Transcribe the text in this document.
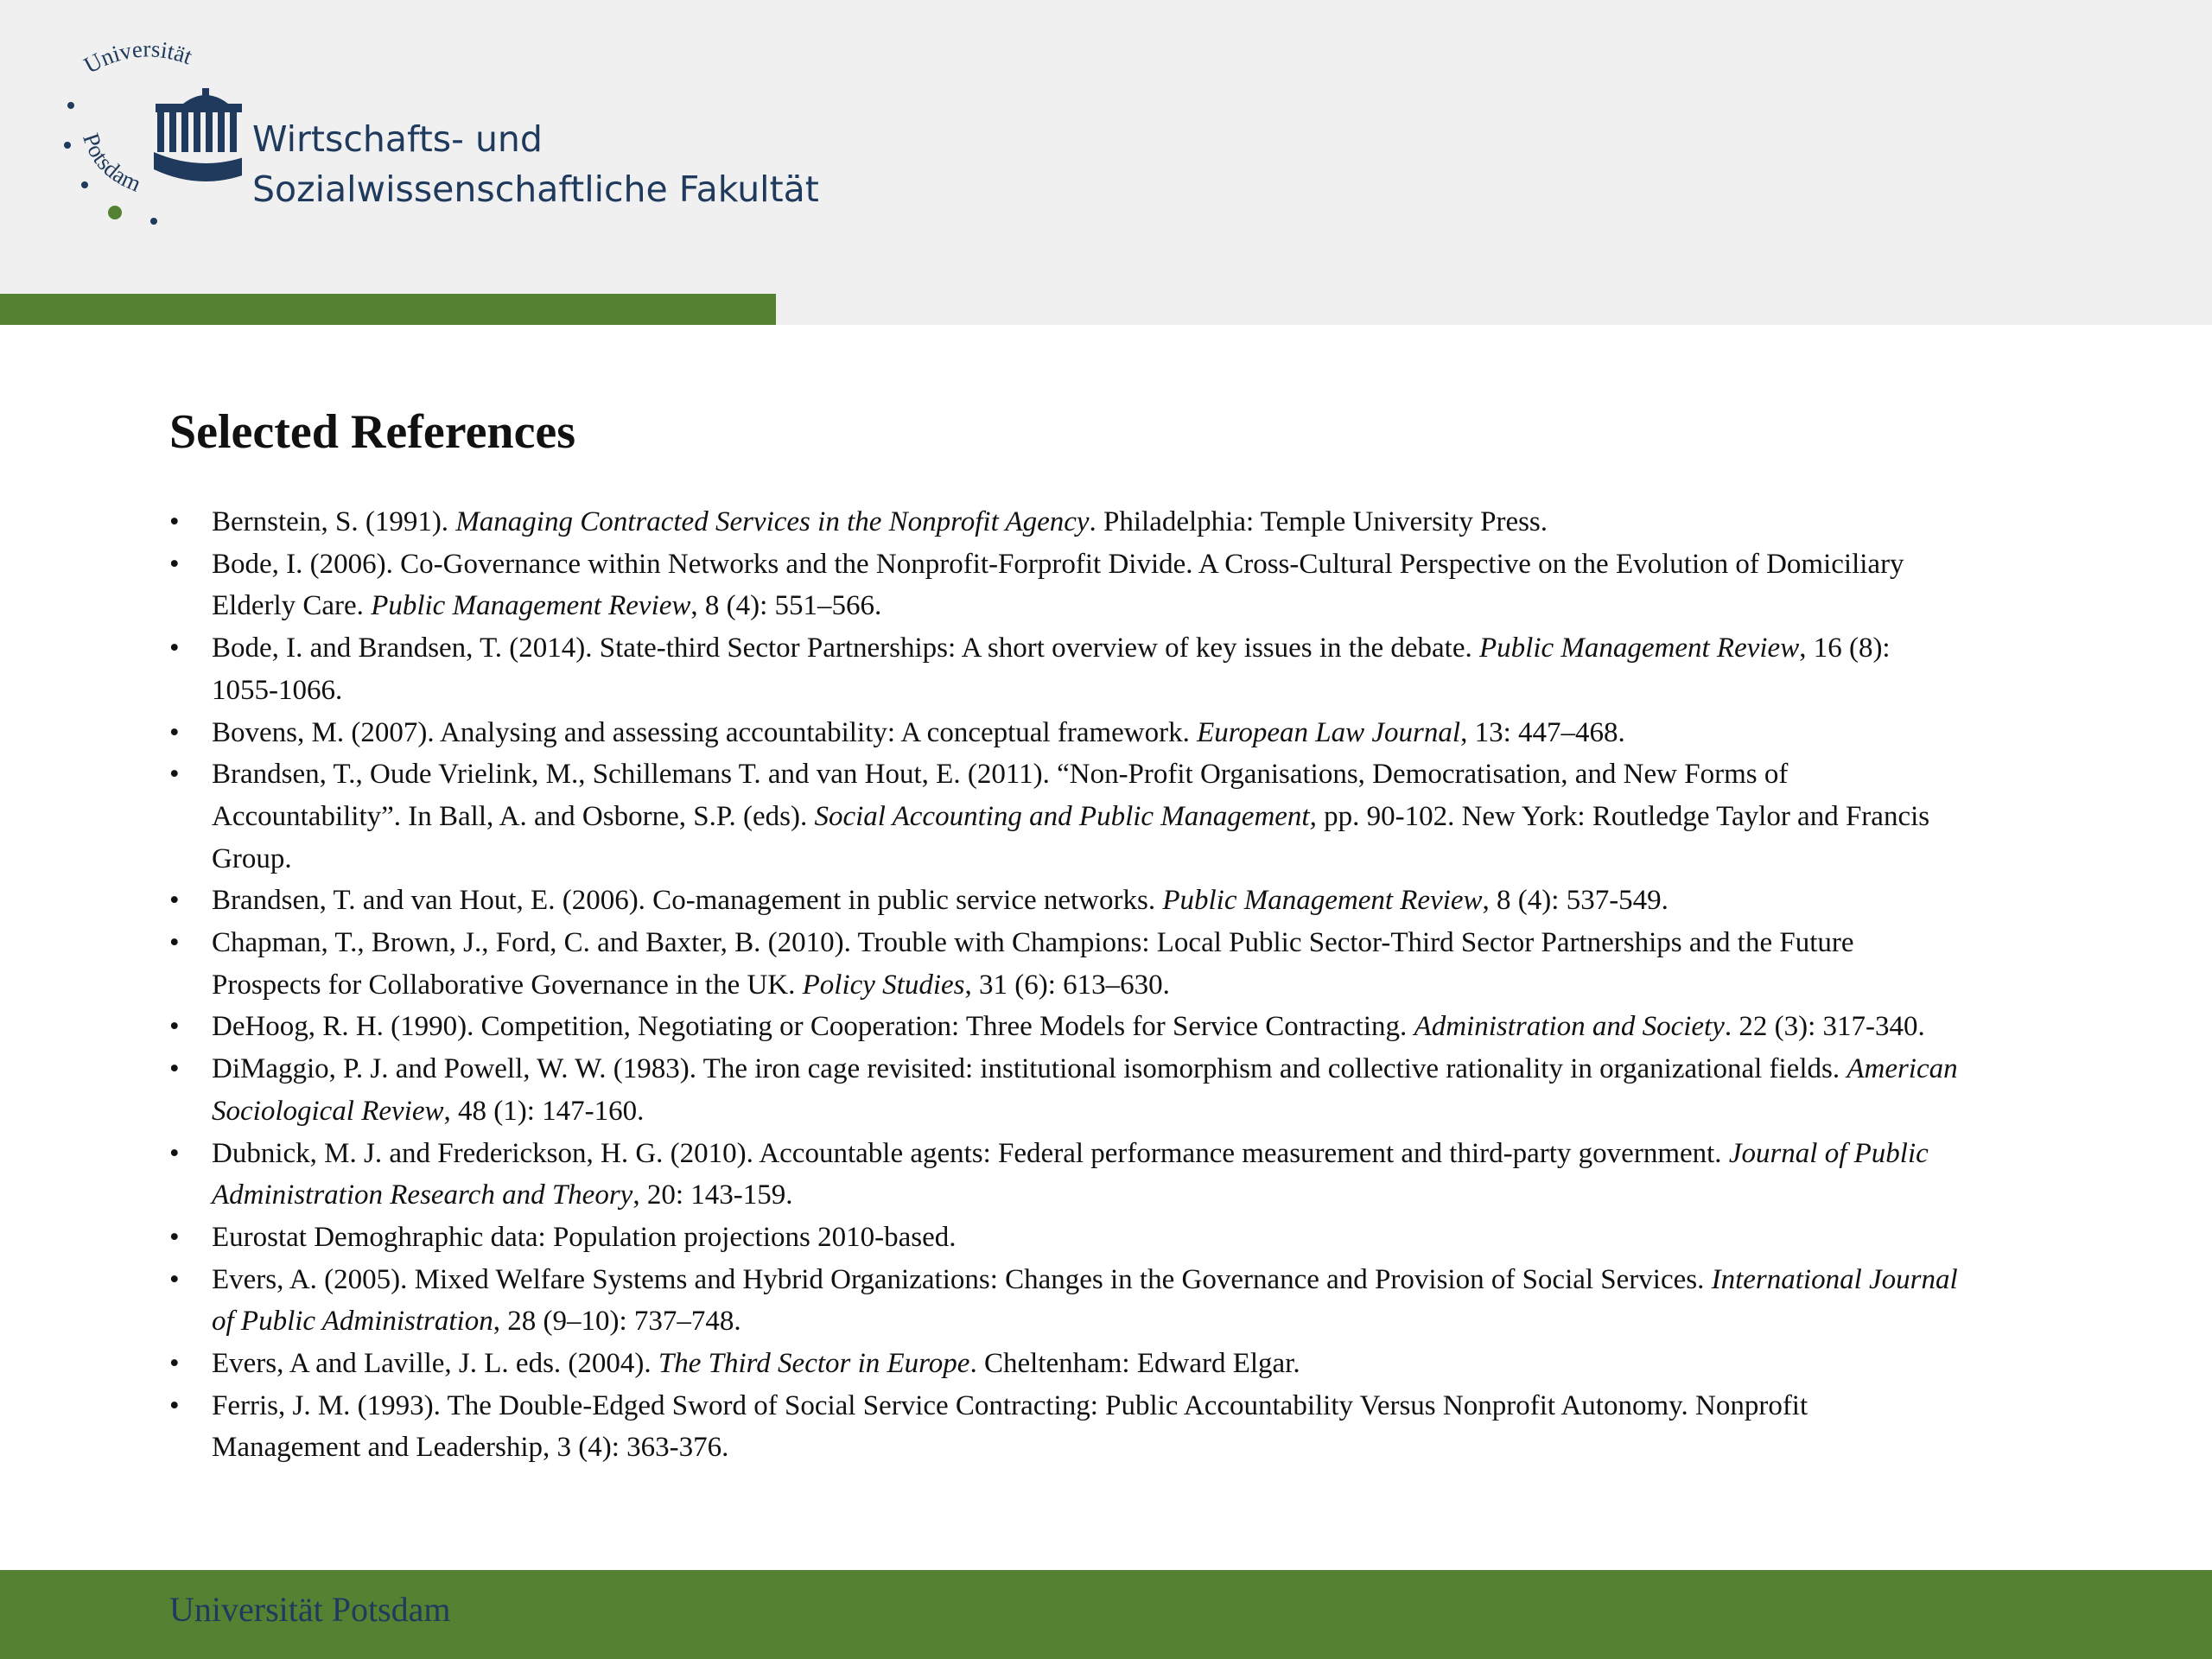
Universität
Potsdam
Wirtschafts- und
Sozialwissenschaftliche Fakultät
Selected References
• Bernstein, S. (1991). Managing Contracted Services in the Nonprofit Agency. Philadelphia: Temple University Press.
• Bode, I. (2006). Co-Governance within Networks and the Nonprofit-Forprofit Divide. A Cross-Cultural Perspective on the Evolution of Domiciliary Elderly Care. Public Management Review, 8 (4): 551–566.
• Bode, I. and Brandsen, T. (2014). State-third Sector Partnerships: A short overview of key issues in the debate. Public Management Review, 16 (8): 1055-1066.
• Bovens, M. (2007). Analysing and assessing accountability: A conceptual framework. European Law Journal, 13: 447–468.
• Brandsen, T., Oude Vrielink, M., Schillemans T. and van Hout, E. (2011). “Non-Profit Organisations, Democratisation, and New Forms of Accountability”. In Ball, A. and Osborne, S.P. (eds). Social Accounting and Public Management, pp. 90-102. New York: Routledge Taylor and Francis Group.
• Brandsen, T. and van Hout, E. (2006). Co-management in public service networks. Public Management Review, 8 (4): 537-549.
• Chapman, T., Brown, J., Ford, C. and Baxter, B. (2010). Trouble with Champions: Local Public Sector-Third Sector Partnerships and the Future Prospects for Collaborative Governance in the UK. Policy Studies, 31 (6): 613–630.
• DeHoog, R. H. (1990). Competition, Negotiating or Cooperation: Three Models for Service Contracting. Administration and Society. 22 (3): 317-340.
• DiMaggio, P. J. and Powell, W. W. (1983). The iron cage revisited: institutional isomorphism and collective rationality in organizational fields. American Sociological Review, 48 (1): 147-160.
• Dubnick, M. J. and Frederickson, H. G. (2010). Accountable agents: Federal performance measurement and third-party government. Journal of Public Administration Research and Theory, 20: 143-159.
• Eurostat Demoghraphic data: Population projections 2010-based.
• Evers, A. (2005). Mixed Welfare Systems and Hybrid Organizations: Changes in the Governance and Provision of Social Services. International Journal of Public Administration, 28 (9–10): 737–748.
• Evers, A and Laville, J. L. eds. (2004). The Third Sector in Europe. Cheltenham: Edward Elgar.
• Ferris, J. M. (1993). The Double-Edged Sword of Social Service Contracting: Public Accountability Versus Nonprofit Autonomy. Nonprofit Management and Leadership, 3 (4): 363-376.
Universität Potsdam
